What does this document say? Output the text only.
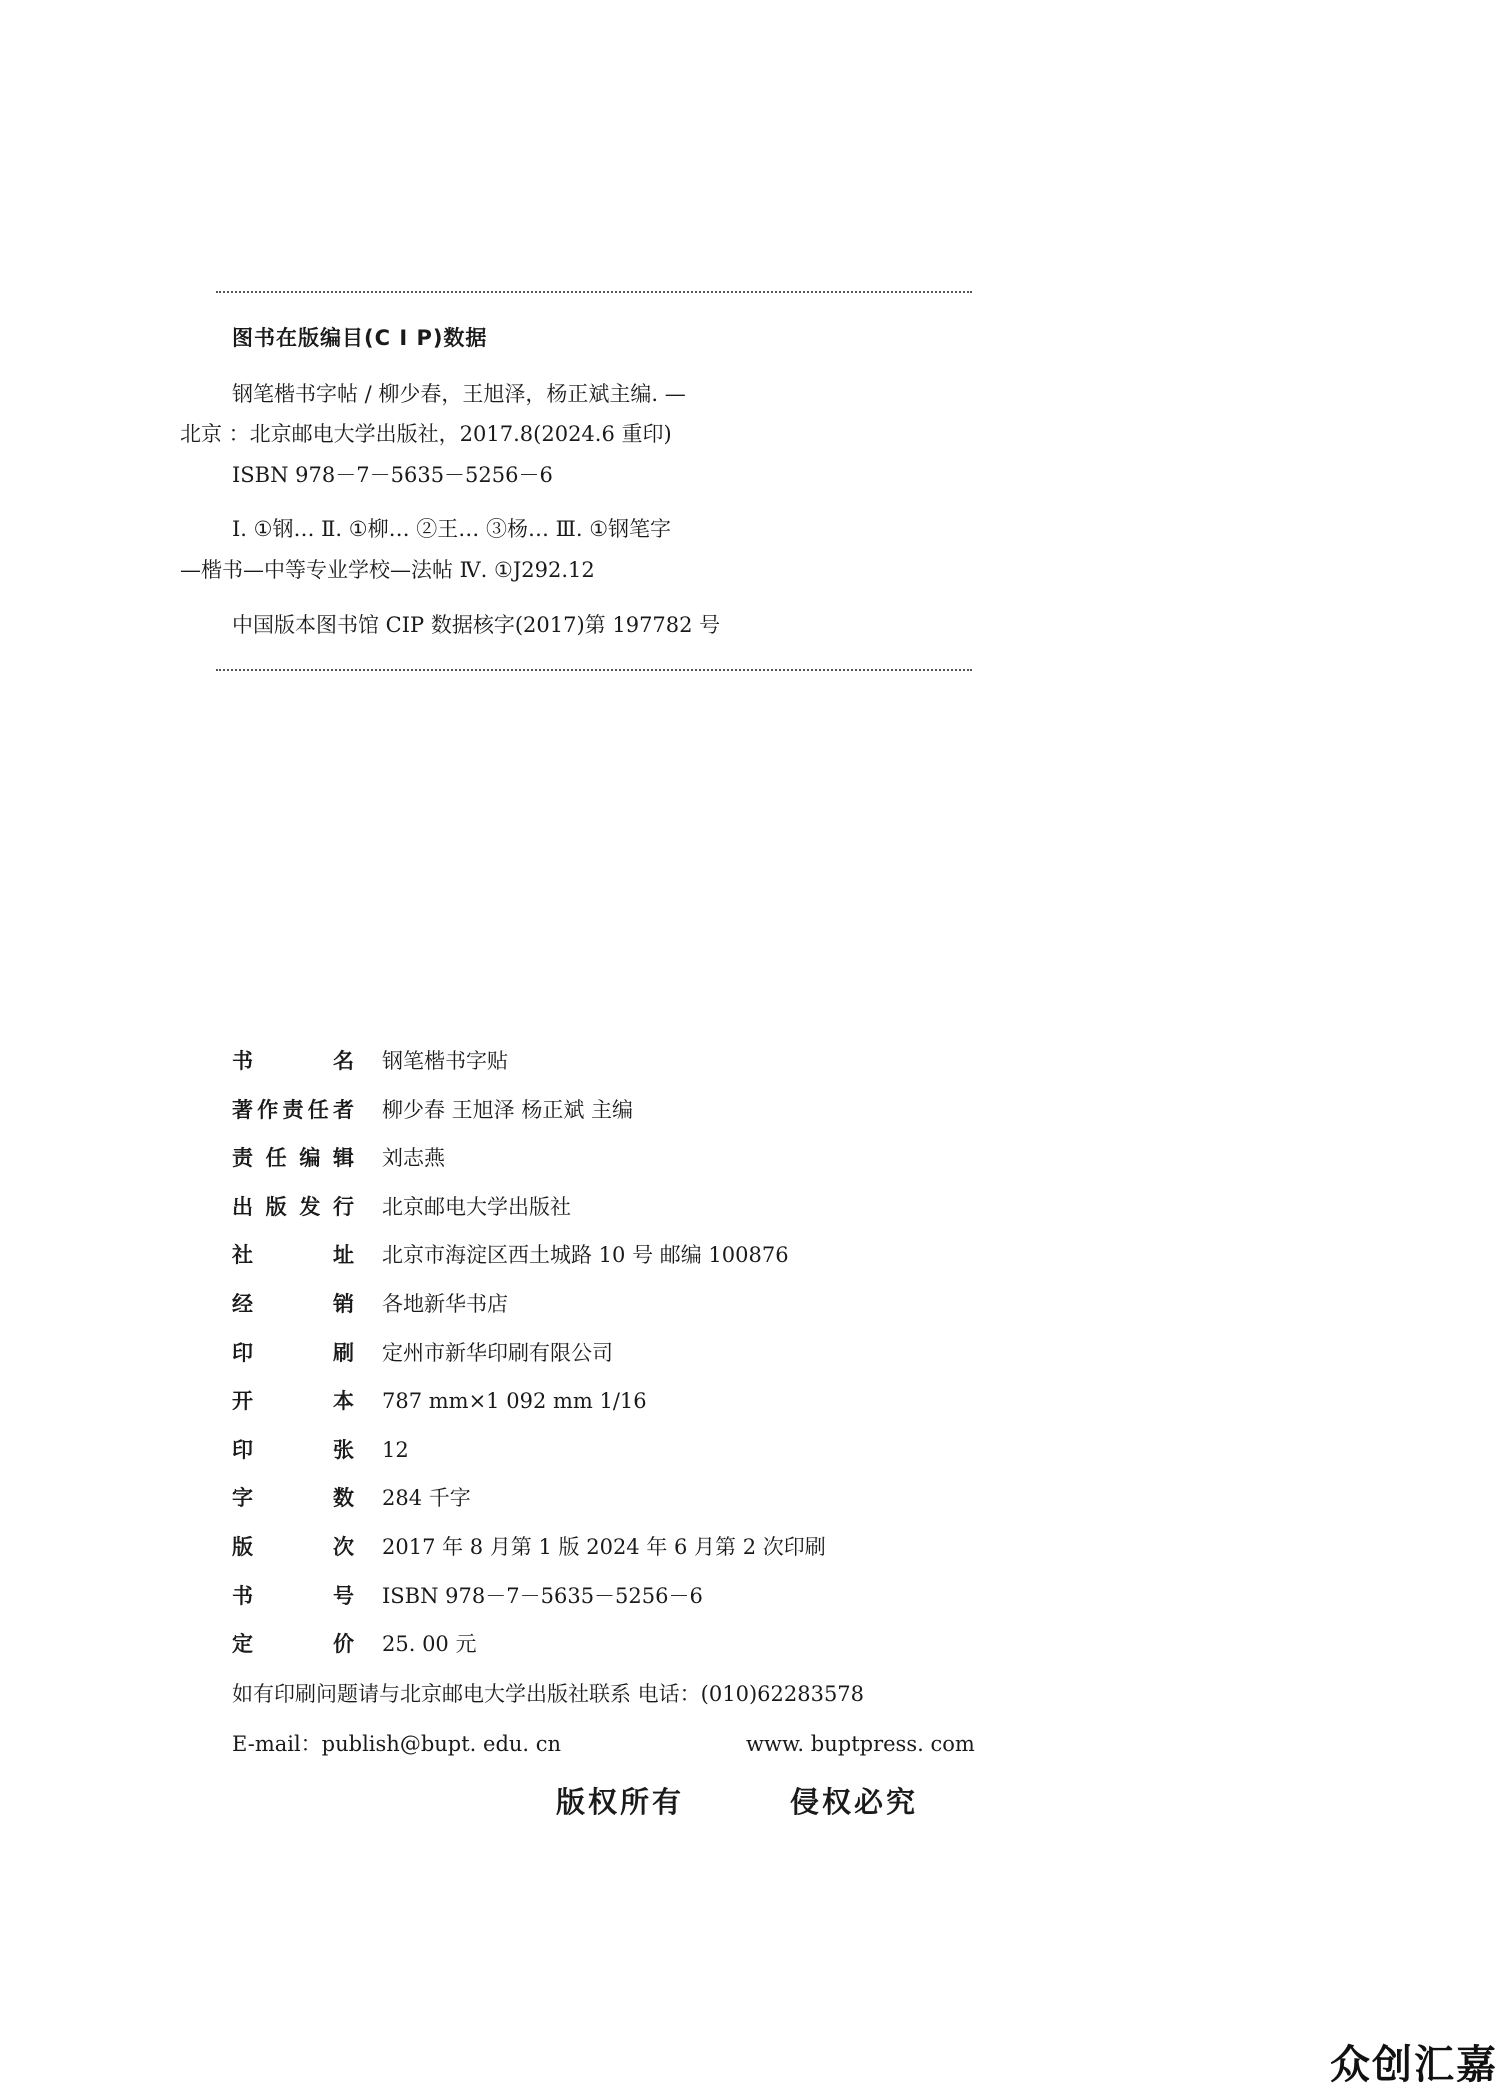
图书在版编目(C I P)数据
钢笔楷书字帖 / 柳少春，王旭泽，杨正斌主编. —
北京 ：北京邮电大学出版社，2017.8(2024.6 重印)
ISBN 978－7－5635－5256－6
Ⅰ. ①钢… Ⅱ. ①柳… ②王… ③杨… Ⅲ. ①钢笔字
—楷书—中等专业学校—法帖 Ⅳ. ①J292.12
中国版本图书馆 CIP 数据核字(2017)第 197782 号
书	名 钢笔楷书字贴
著 作 责 任 者 柳少春 王旭泽 杨正斌 主编
责 任 编 辑 刘志燕
出 版 发 行 北京邮电大学出版社
社	址 北京市海淀区西土城路 10 号 邮编 100876
经	销 各地新华书店
印	刷 定州市新华印刷有限公司
开	本 787 mm×1 092 mm 1/16
印	张 12
字	数 284 千字
版	次 2017 年 8 月第 1 版 2024 年 6 月第 2 次印刷
书	号 ISBN 978－7－5635－5256－6
定	价 25. 00 元
如有印刷问题请与北京邮电大学出版社联系 电话：(010)62283578
E-mail：publish@bupt. edu. cn	www. buptpress. com
版权所有	侵权必究
众创汇嘉
